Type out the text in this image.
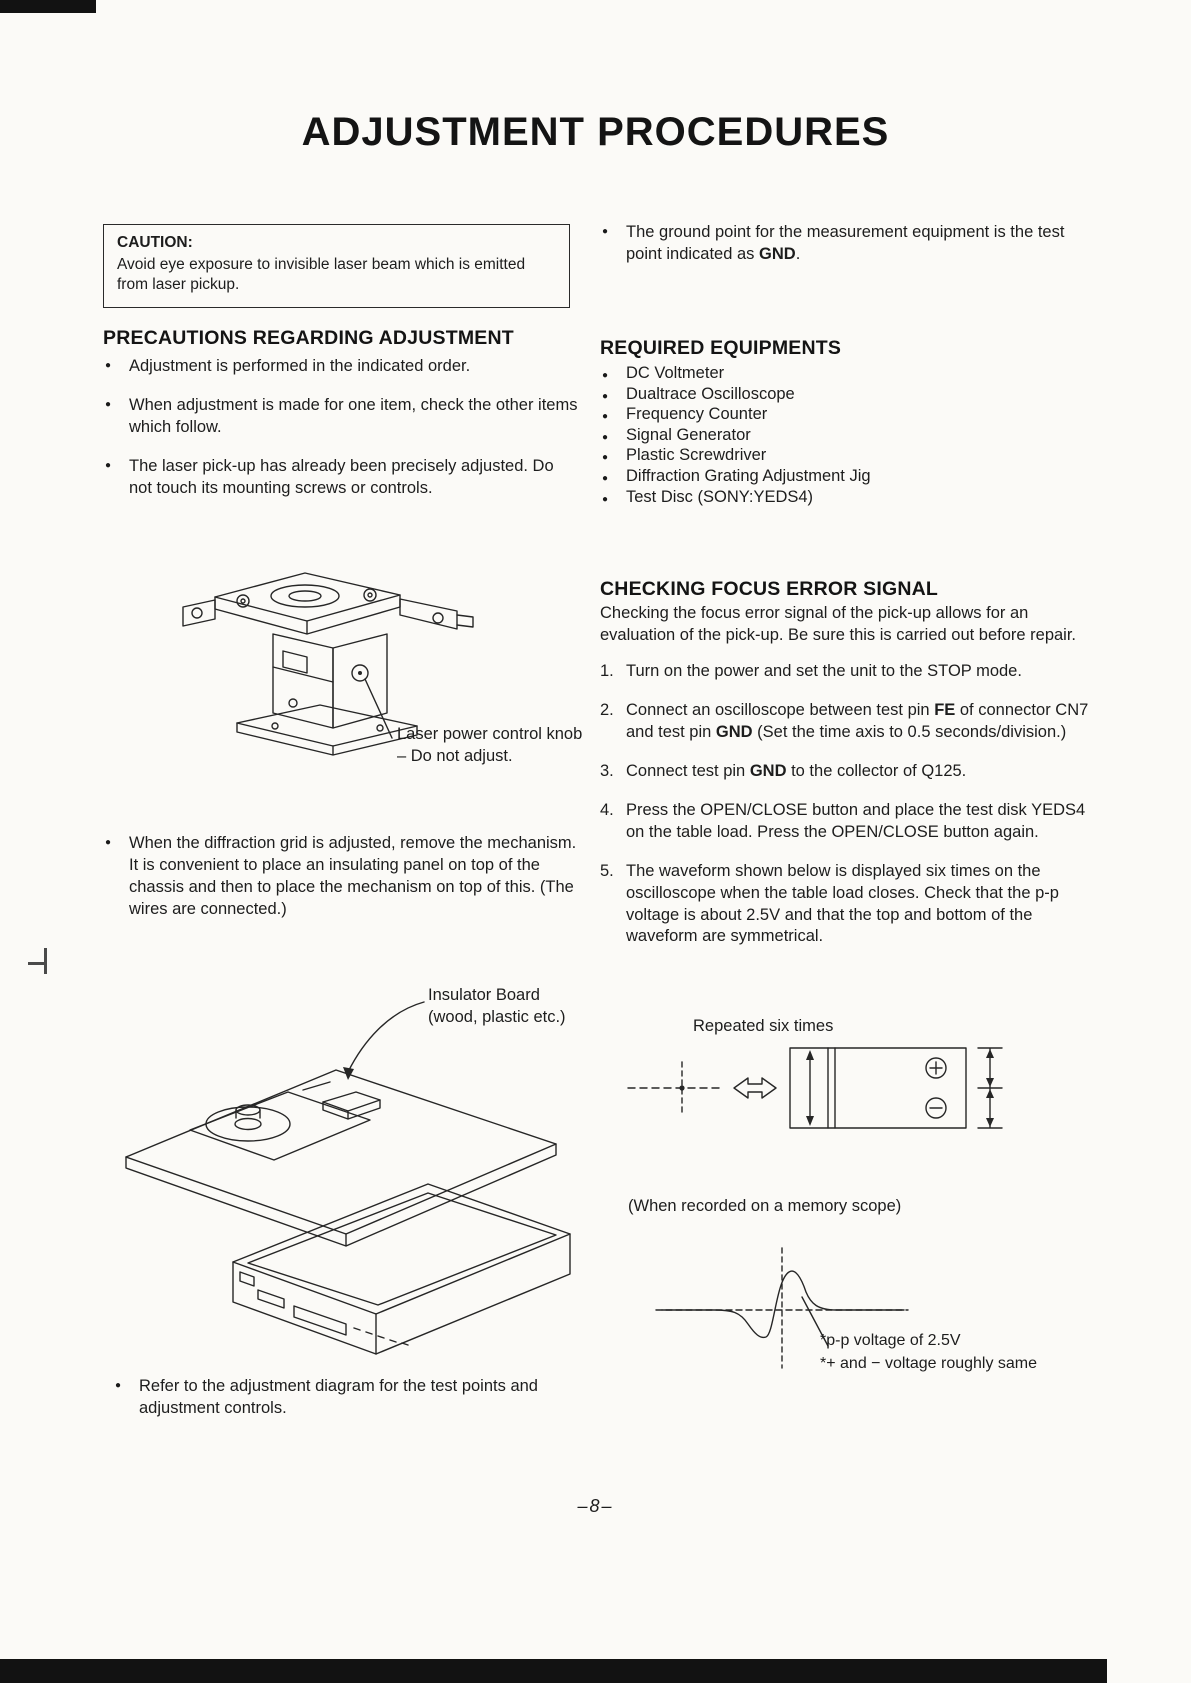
ADJUSTMENT PROCEDURES
CAUTION:
Avoid eye exposure to invisible laser beam which is emitted from laser pickup.
PRECAUTIONS REGARDING ADJUSTMENT
● Adjustment is performed in the indicated order.
● When adjustment is made for one item, check the other items which follow.
● The laser pick-up has already been precisely adjusted. Do not touch its mounting screws or controls.
Laser power control knob
– Do not adjust.
● When the diffraction grid is adjusted, remove the mechanism. It is convenient to place an insulating panel on top of the chassis and then to place the mechanism on top of this. (The wires are connected.)
Insulator Board
(wood, plastic etc.)
● Refer to the adjustment diagram for the test points and adjustment controls.
● The ground point for the measurement equipment is the test point indicated as GND.
REQUIRED EQUIPMENTS
● DC Voltmeter
● Dualtrace Oscilloscope
● Frequency Counter
● Signal Generator
● Plastic Screwdriver
● Diffraction Grating Adjustment Jig
● Test Disc (SONY:YEDS4)
CHECKING FOCUS ERROR SIGNAL

Checking the focus error signal of the pick-up allows for an evaluation of the pick-up. Be sure this is carried out before repair.

1. Turn on the power and set the unit to the STOP mode.
2. Connect an oscilloscope between test pin FE of connector CN7 and test pin GND (Set the time axis to 0.5 seconds/division.)
3. Connect test pin GND to the collector of Q125.
4. Press the OPEN/CLOSE button and place the test disk YEDS4 on the table load. Press the OPEN/CLOSE button again.
5. The waveform shown below is displayed six times on the oscilloscope when the table load closes. Check that the p-p voltage is about 2.5V and that the top and bottom of the waveform are symmetrical.
Repeated six times
(When recorded on a memory scope)
*p-p voltage of 2.5V
*+ and − voltage roughly same
–8–
